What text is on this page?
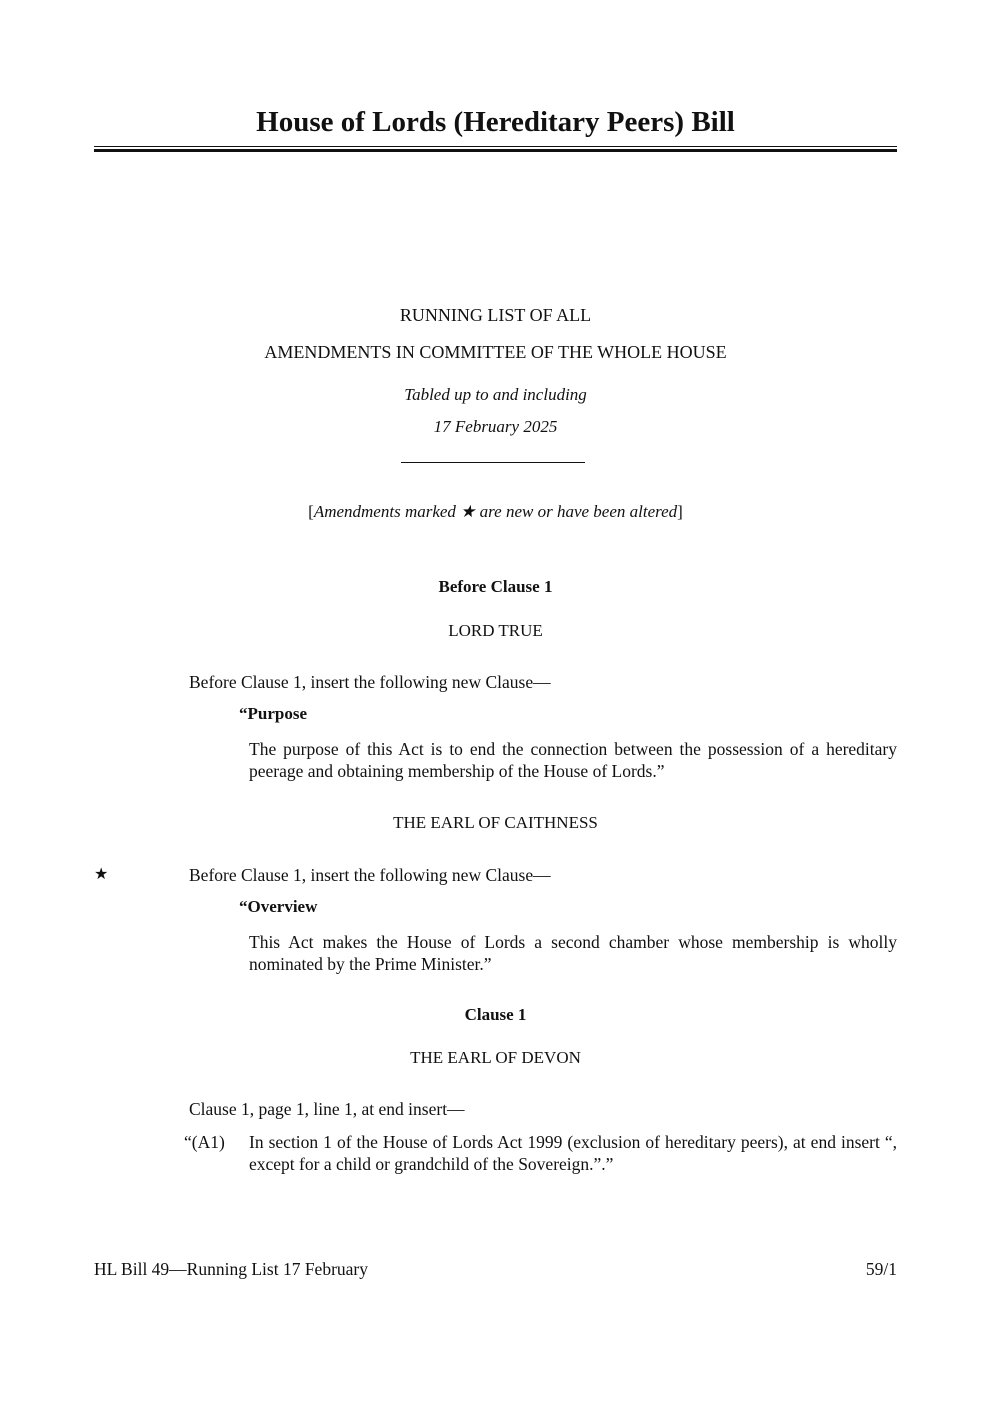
House of Lords (Hereditary Peers) Bill
RUNNING LIST OF ALL
AMENDMENTS IN COMMITTEE OF THE WHOLE HOUSE
Tabled up to and including
17 February 2025
[Amendments marked ★ are new or have been altered]
Before Clause 1
LORD TRUE
Before Clause 1, insert the following new Clause—
“Purpose
The purpose of this Act is to end the connection between the possession of a hereditary peerage and obtaining membership of the House of Lords.”
THE EARL OF CAITHNESS
★	Before Clause 1, insert the following new Clause—
“Overview
This Act makes the House of Lords a second chamber whose membership is wholly nominated by the Prime Minister.”
Clause 1
THE EARL OF DEVON
Clause 1, page 1, line 1, at end insert—
“(A1) In section 1 of the House of Lords Act 1999 (exclusion of hereditary peers), at end insert “, except for a child or grandchild of the Sovereign.”.”
HL Bill 49—Running List 17 February	59/1
